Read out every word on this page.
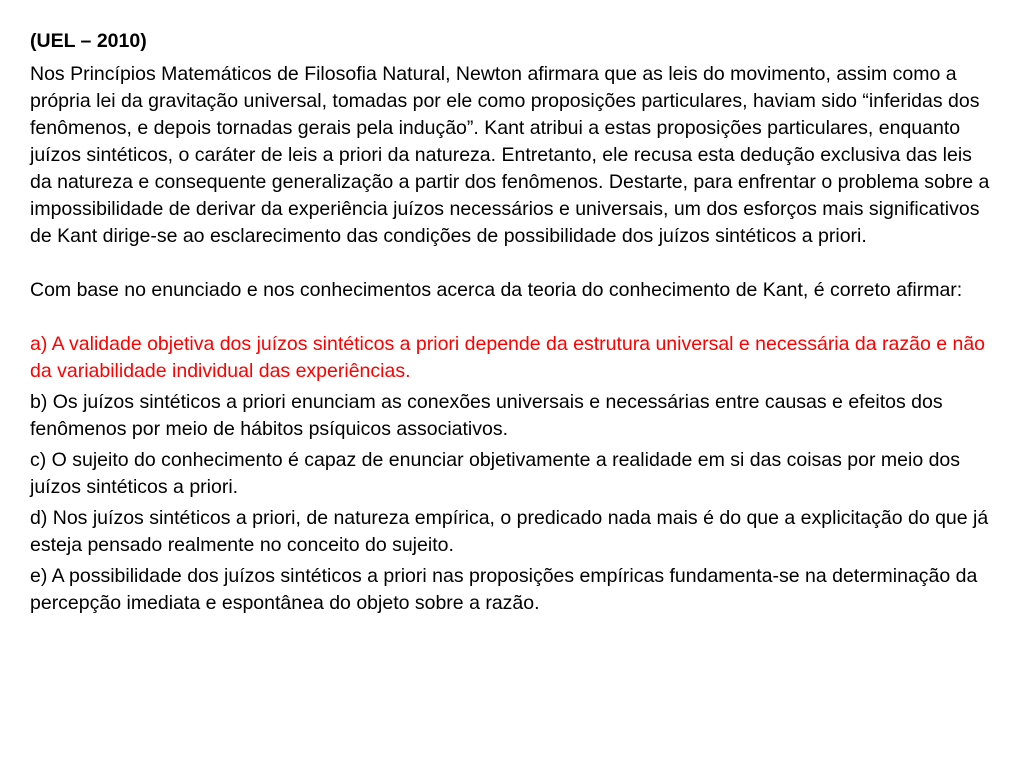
(UEL – 2010)

Nos Princípios Matemáticos de Filosofia Natural, Newton afirmara que as leis do movimento, assim como a própria lei da gravitação universal, tomadas por ele como proposições particulares, haviam sido “inferidas dos fenômenos, e depois tornadas gerais pela indução”. Kant atribui a estas proposições particulares, enquanto juízos sintéticos, o caráter de leis a priori da natureza. Entretanto, ele recusa esta dedução exclusiva das leis da natureza e consequente generalização a partir dos fenômenos. Destarte, para enfrentar o problema sobre a impossibilidade de derivar da experiência juízos necessários e universais, um dos esforços mais significativos de Kant dirige-se ao esclarecimento das condições de possibilidade dos juízos sintéticos a priori.

Com base no enunciado e nos conhecimentos acerca da teoria do conhecimento de Kant, é correto afirmar:

a) A validade objetiva dos juízos sintéticos a priori depende da estrutura universal e necessária da razão e não da variabilidade individual das experiências.

b) Os juízos sintéticos a priori enunciam as conexões universais e necessárias entre causas e efeitos dos fenômenos por meio de hábitos psíquicos associativos.

c) O sujeito do conhecimento é capaz de enunciar objetivamente a realidade em si das coisas por meio dos juízos sintéticos a priori.

d) Nos juízos sintéticos a priori, de natureza empírica, o predicado nada mais é do que a explicitação do que já esteja pensado realmente no conceito do sujeito.

e) A possibilidade dos juízos sintéticos a priori nas proposições empíricas fundamenta-se na determinação da percepção imediata e espontânea do objeto sobre a razão.
